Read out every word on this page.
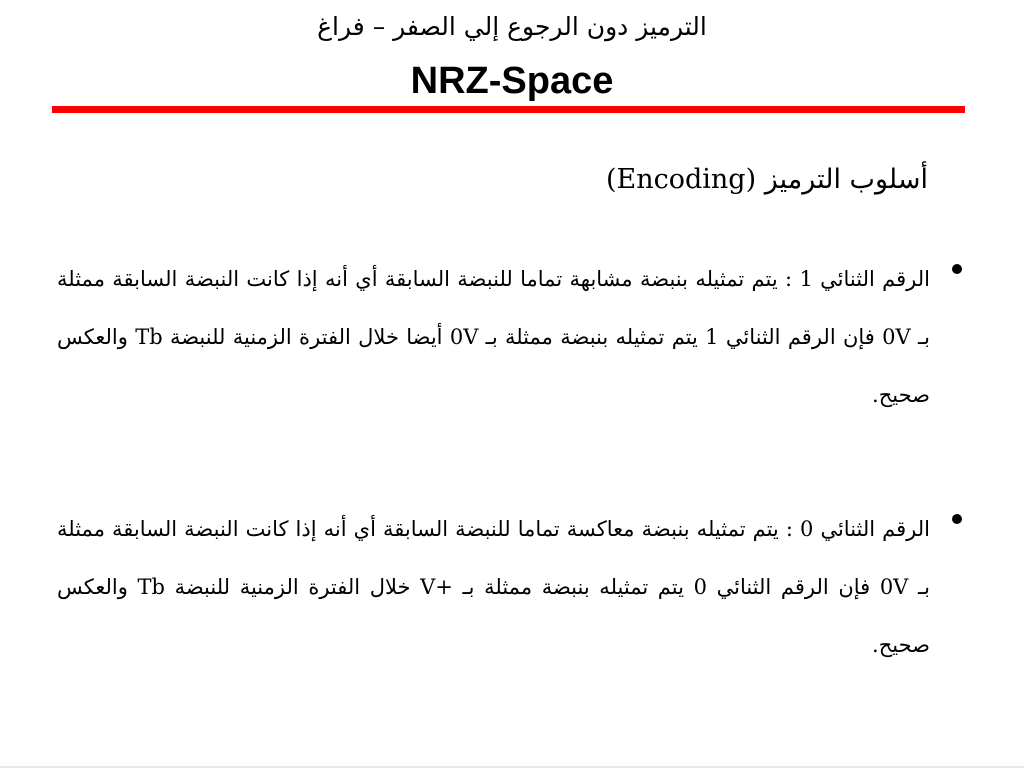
الترميز دون الرجوع إلي الصفر – فراغ
NRZ-Space
أسلوب الترميز (Encoding)
الرقم الثنائي 1 : يتم تمثيله بنبضة مشابهة تماما للنبضة السابقة أي أنه إذا كانت النبضة السابقة ممثلة بـ 0V فإن الرقم الثنائي 1 يتم تمثيله بنبضة ممثلة بـ 0V أيضا خلال الفترة الزمنية للنبضة Tb والعكس صحيح.
الرقم الثنائي 0 : يتم تمثيله بنبضة معاكسة تماما للنبضة السابقة أي أنه إذا كانت النبضة السابقة ممثلة بـ 0V فإن الرقم الثنائي 0 يتم تمثيله بنبضة ممثلة بـ +V خلال الفترة الزمنية للنبضة Tb والعكس صحيح.
